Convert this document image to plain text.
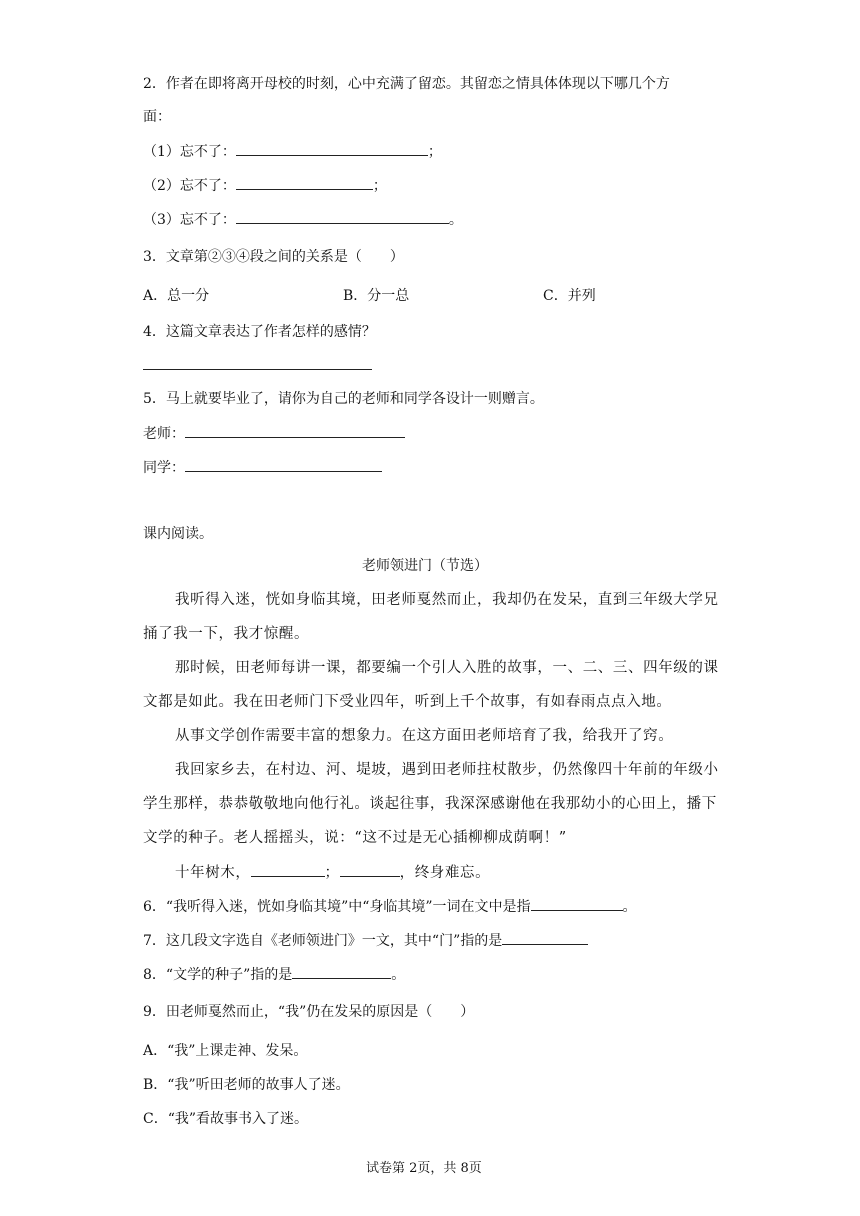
2．作者在即将离开母校的时刻，心中充满了留恋。其留恋之情具体体现以下哪几个方
面：
（1）忘不了：	；
（2）忘不了：	；
（3）忘不了：	。
3．文章第②③④段之间的关系是（　　）
A．总一分	B．分一总	C．并列
4．这篇文章表达了作者怎样的感情？
5．马上就要毕业了，请你为自己的老师和同学各设计一则赠言。
老师：
同学：
课内阅读。
老师领进门（节选）
我听得入迷，恍如身临其境，田老师戛然而止，我却仍在发呆，直到三年级大学兄
捅了我一下，我才惊醒。
那时候，田老师每讲一课，都要编一个引人入胜的故事，一、二、三、四年级的课
文都是如此。我在田老师门下受业四年，听到上千个故事，有如春雨点点入地。
从事文学创作需要丰富的想象力。在这方面田老师培育了我，给我开了窍。
我回家乡去，在村边、河、堤坡，遇到田老师拄杖散步，仍然像四十年前的年级小
学生那样，恭恭敬敬地向他行礼。谈起往事，我深深感谢他在我那幼小的心田上，播下
文学的种子。老人摇摇头，说：“这不过是无心插柳柳成荫啊！”
十年树木，	；	，终身难忘。
6．“我听得入迷，恍如身临其境”中“身临其境”一词在文中是指	。
7．这几段文字选自《老师领进门》一文，其中“门”指的是
8．“文学的种子”指的是	。
9．田老师戛然而止，“我”仍在发呆的原因是（　　）
A．“我”上课走神、发呆。
B．“我”听田老师的故事人了迷。
C．“我”看故事书入了迷。
试卷第 2页，共 8页
